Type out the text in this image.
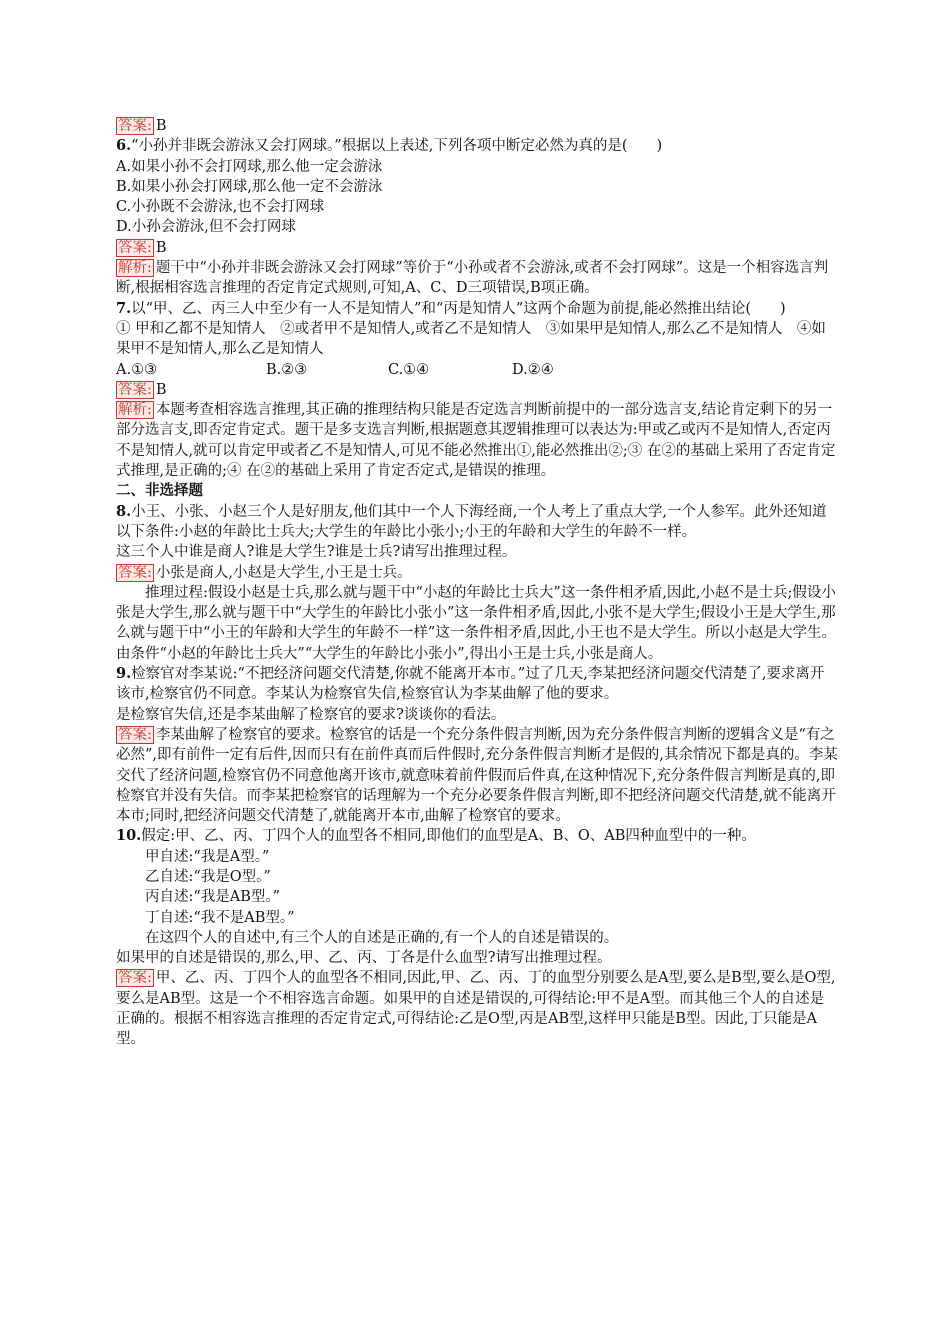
答案: B

6.“小孙并非既会游泳又会打网球。”根据以上表述,下列各项中断定必然为真的是(　　)

A.如果小孙不会打网球,那么他一定会游泳

B.如果小孙会打网球,那么他一定不会游泳

C.小孙既不会游泳,也不会打网球

D.小孙会游泳,但不会打网球

答案: B

解析: 题干中“小孙并非既会游泳又会打网球”等价于“小孙或者不会游泳,或者不会打网球”。这是一个相容选言判断,根据相容选言推理的否定肯定式规则,可知,A、C、D三项错误,B项正确。

7.以“甲、乙、丙三人中至少有一人不是知情人”和“丙是知情人”这两个命题为前提,能必然推出结论(　　)

① 甲和乙都不是知情人　②或者甲不是知情人,或者乙不是知情人　③如果甲是知情人,那么乙不是知情人　④如果甲不是知情人,那么乙是知情人

A.①③	B.②③	C.①④	D.②④

答案: B

解析: 本题考查相容选言推理,其正确的推理结构只能是否定选言判断前提中的一部分选言支,结论肯定剩下的另一部分选言支,即否定肯定式。题干是多支选言判断,根据题意其逻辑推理可以表达为:甲或乙或丙不是知情人,否定丙不是知情人,就可以肯定甲或者乙不是知情人,可见不能必然推出①,能必然推出②;③ 在②的基础上采用了否定肯定式推理,是正确的;④ 在②的基础上采用了肯定否定式,是错误的推理。

二、非选择题

8.小王、小张、小赵三个人是好朋友,他们其中一个人下海经商,一个人考上了重点大学,一个人参军。此外还知道以下条件:小赵的年龄比士兵大;大学生的年龄比小张小;小王的年龄和大学生的年龄不一样。

这三个人中谁是商人?谁是大学生?谁是士兵?请写出推理过程。

答案: 小张是商人,小赵是大学生,小王是士兵。

推理过程:假设小赵是士兵,那么就与题干中“小赵的年龄比士兵大”这一条件相矛盾,因此,小赵不是士兵;假设小张是大学生,那么就与题干中“大学生的年龄比小张小”这一条件相矛盾,因此,小张不是大学生;假设小王是大学生,那么就与题干中“小王的年龄和大学生的年龄不一样”这一条件相矛盾,因此,小王也不是大学生。所以小赵是大学生。由条件“小赵的年龄比士兵大”“大学生的年龄比小张小”,得出小王是士兵,小张是商人。

9.检察官对李某说:“不把经济问题交代清楚,你就不能离开本市。”过了几天,李某把经济问题交代清楚了,要求离开该市,检察官仍不同意。李某认为检察官失信,检察官认为李某曲解了他的要求。

是检察官失信,还是李某曲解了检察官的要求?谈谈你的看法。

答案: 李某曲解了检察官的要求。检察官的话是一个充分条件假言判断,因为充分条件假言判断的逻辑含义是“有之必然”,即有前件一定有后件,因而只有在前件真而后件假时,充分条件假言判断才是假的,其余情况下都是真的。李某交代了经济问题,检察官仍不同意他离开该市,就意味着前件假而后件真,在这种情况下,充分条件假言判断是真的,即检察官并没有失信。而李某把检察官的话理解为一个充分必要条件假言判断,即不把经济问题交代清楚,就不能离开本市;同时,把经济问题交代清楚了,就能离开本市,曲解了检察官的要求。

10.假定:甲、乙、丙、丁四个人的血型各不相同,即他们的血型是A、B、O、AB四种血型中的一种。

甲自述:“我是A型。”

乙自述:“我是O型。”

丙自述:“我是AB型。”

丁自述:“我不是AB型。”

在这四个人的自述中,有三个人的自述是正确的,有一个人的自述是错误的。

如果甲的自述是错误的,那么,甲、乙、丙、丁各是什么血型?请写出推理过程。

答案: 甲、乙、丙、丁四个人的血型各不相同,因此,甲、乙、丙、丁的血型分别要么是A型,要么是B型,要么是O型,要么是AB型。这是一个不相容选言命题。如果甲的自述是错误的,可得结论:甲不是A型。而其他三个人的自述是正确的。根据不相容选言推理的否定肯定式,可得结论:乙是O型,丙是AB型,这样甲只能是B型。因此,丁只能是A型。
